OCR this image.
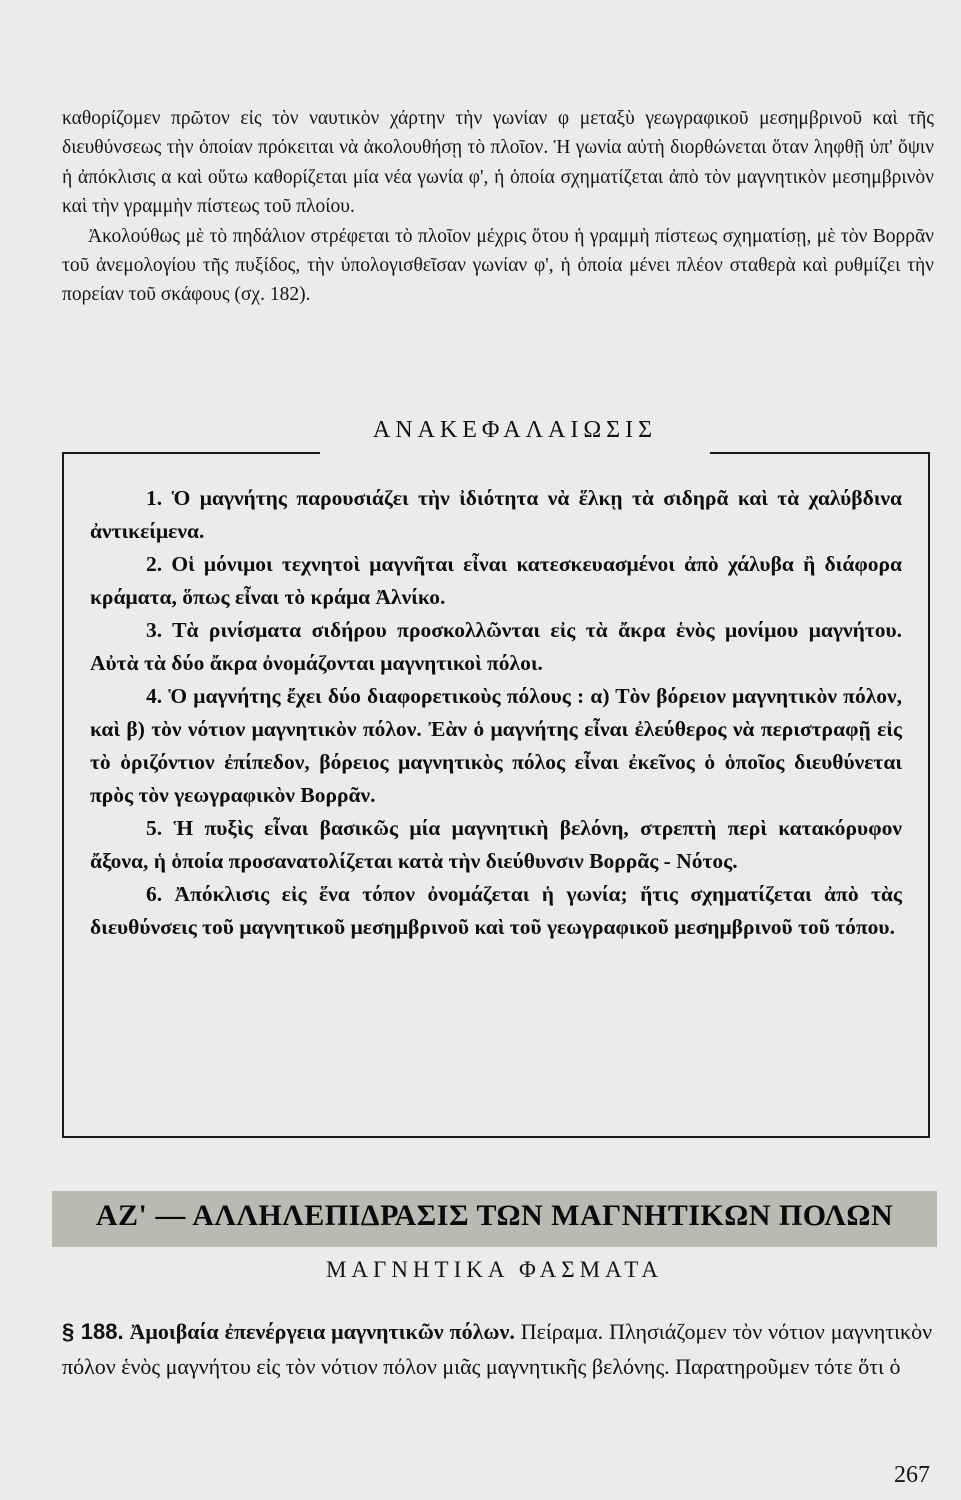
καθορίζομεν πρῶτον εἰς τὸν ναυτικὸν χάρτην τὴν γωνίαν φ μεταξὺ γεωγραφικοῦ μεσημβρινοῦ καὶ τῆς διευθύνσεως τὴν ὁποίαν πρόκειται νὰ ἀκολουθήσῃ τὸ πλοῖον. Ἡ γωνία αὐτὴ διορθώνεται ὅταν ληφθῇ ὑπ' ὄψιν ἡ ἀπόκλισις α καὶ οὕτω καθορίζεται μία νέα γωνία φ', ἡ ὁποία σχηματίζεται ἀπὸ τὸν μαγνητικὸν μεσημβρινὸν καὶ τὴν γραμμὴν πίστεως τοῦ πλοίου.

Ἀκολούθως μὲ τὸ πηδάλιον στρέφεται τὸ πλοῖον μέχρις ὅτου ἡ γραμμὴ πίστεως σχηματίσῃ, μὲ τὸν Βορρᾶν τοῦ ἀνεμολογίου τῆς πυξίδος, τὴν ὑπολογισθεῖσαν γωνίαν φ', ἡ ὁποία μένει πλέον σταθερὰ καὶ ρυθμίζει τὴν πορείαν τοῦ σκάφους (σχ. 182).

ΑΝΑΚΕΦΑΛΑΙΩΣΙΣ

1. Ὁ μαγνήτης παρουσιάζει τὴν ἰδιότητα νὰ ἕλκῃ τὰ σιδηρᾶ καὶ τὰ χαλύβδινα ἀντικείμενα.

2. Οἱ μόνιμοι τεχνητοὶ μαγνῆται εἶναι κατεσκευασμένοι ἀπὸ χάλυβα ἢ διάφορα κράματα, ὅπως εἶναι τὸ κράμα Ἀλνίκο.

3. Τὰ ρινίσματα σιδήρου προσκολλῶνται εἰς τὰ ἄκρα ἑνὸς μονίμου μαγνήτου. Αὐτὰ τὰ δύο ἄκρα ὀνομάζονται μαγνητικοὶ πόλοι.

4. Ὁ μαγνήτης ἔχει δύο διαφορετικοὺς πόλους : α) Τὸν βόρειον μαγνητικὸν πόλον, καὶ β) τὸν νότιον μαγνητικὸν πόλον. Ἐὰν ὁ μαγνήτης εἶναι ἐλεύθερος νὰ περιστραφῇ εἰς τὸ ὁριζόντιον ἐπίπεδον, βόρειος μαγνητικὸς πόλος εἶναι ἐκεῖνος ὁ ὁποῖος διευθύνεται πρὸς τὸν γεωγραφικὸν Βορρᾶν.

5. Ἡ πυξὶς εἶναι βασικῶς μία μαγνητικὴ βελόνη, στρεπτὴ περὶ κατακόρυφον ἄξονα, ἡ ὁποία προσανατολίζεται κατὰ τὴν διεύθυνσιν Βορρᾶς - Νότος.

6. Ἀπόκλισις εἰς ἕνα τόπον ὀνομάζεται ἡ γωνία; ἥτις σχηματίζεται ἀπὸ τὰς διευθύνσεις τοῦ μαγνητικοῦ μεσημβρινοῦ καὶ τοῦ γεωγραφικοῦ μεσημβρινοῦ τοῦ τόπου.

ΑΖ' — ΑΛΛΗΛΕΠΙΔΡΑΣΙΣ ΤΩΝ ΜΑΓΝΗΤΙΚΩΝ ΠΟΛΩΝ
ΜΑΓΝΗΤΙΚΑ ΦΑΣΜΑΤΑ

§ 188. Ἀμοιβαία ἐπενέργεια μαγνητικῶν πόλων. Πείραμα. Πλησιάζομεν τὸν νότιον μαγνητικὸν πόλον ἑνὸς μαγνήτου εἰς τὸν νότιον πόλον μιᾶς μαγνητικῆς βελόνης. Παρατηροῦμεν τότε ὅτι ὁ

267
